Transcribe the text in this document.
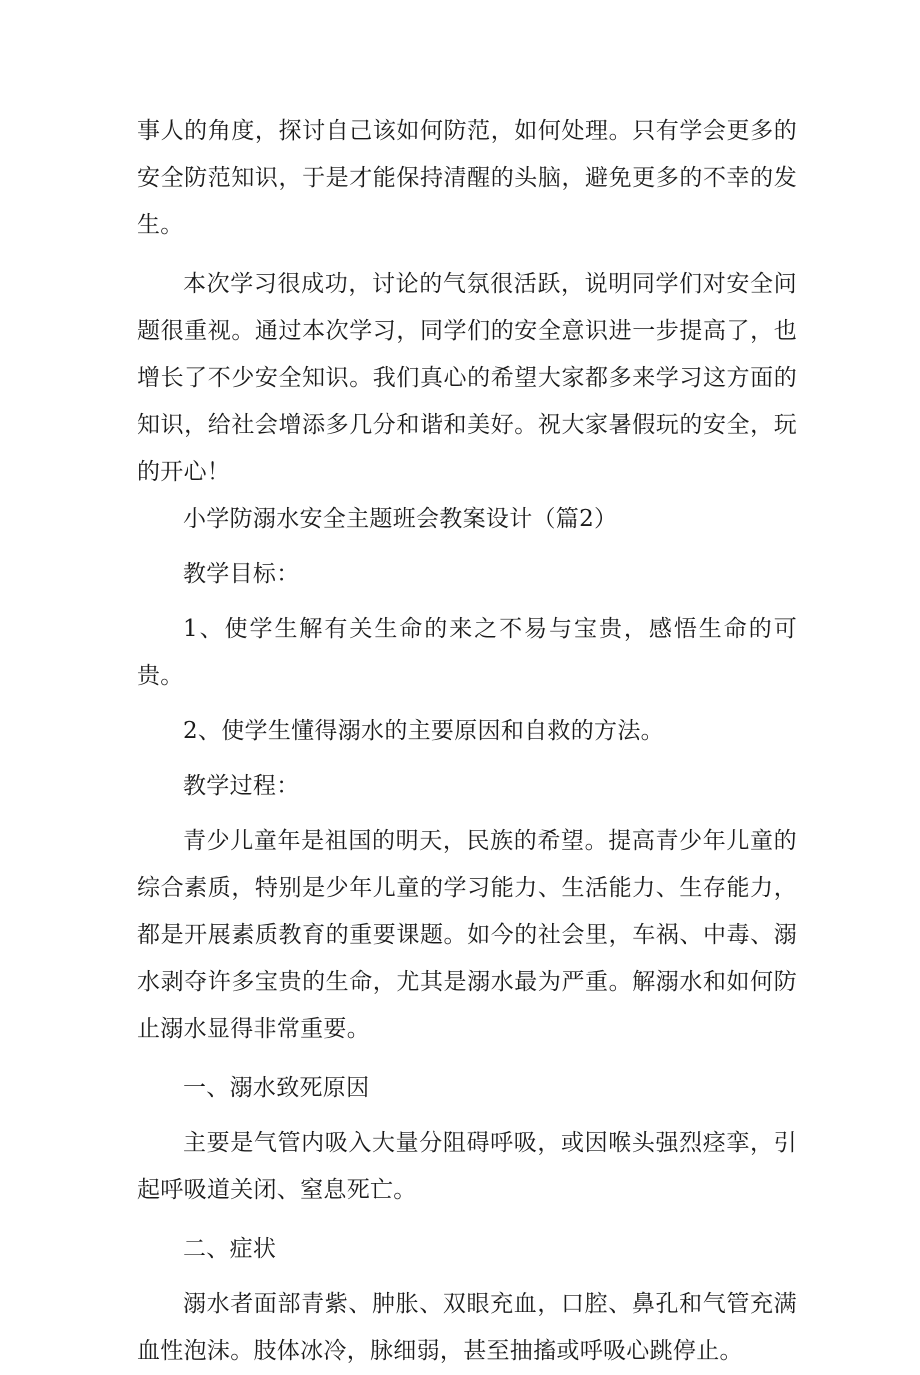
事人的角度，探讨自己该如何防范，如何处理。只有学会更多的安全防范知识，于是才能保持清醒的头脑，避免更多的不幸的发生。

本次学习很成功，讨论的气氛很活跃，说明同学们对安全问题很重视。通过本次学习，同学们的安全意识进一步提高了，也增长了不少安全知识。我们真心的希望大家都多来学习这方面的知识，给社会增添多几分和谐和美好。祝大家暑假玩的安全，玩的开心！

小学防溺水安全主题班会教案设计（篇2）

教学目标：

1、使学生解有关生命的来之不易与宝贵，感悟生命的可贵。

2、使学生懂得溺水的主要原因和自救的方法。

教学过程：

青少儿童年是祖国的明天，民族的希望。提高青少年儿童的综合素质，特别是少年儿童的学习能力、生活能力、生存能力，都是开展素质教育的重要课题。如今的社会里，车祸、中毒、溺水剥夺许多宝贵的生命，尤其是溺水最为严重。解溺水和如何防止溺水显得非常重要。

一、溺水致死原因

主要是气管内吸入大量分阻碍呼吸，或因喉头强烈痉挛，引起呼吸道关闭、窒息死亡。

二、症状

溺水者面部青紫、肿胀、双眼充血，口腔、鼻孔和气管充满血性泡沫。肢体冰冷，脉细弱，甚至抽搐或呼吸心跳停止。
